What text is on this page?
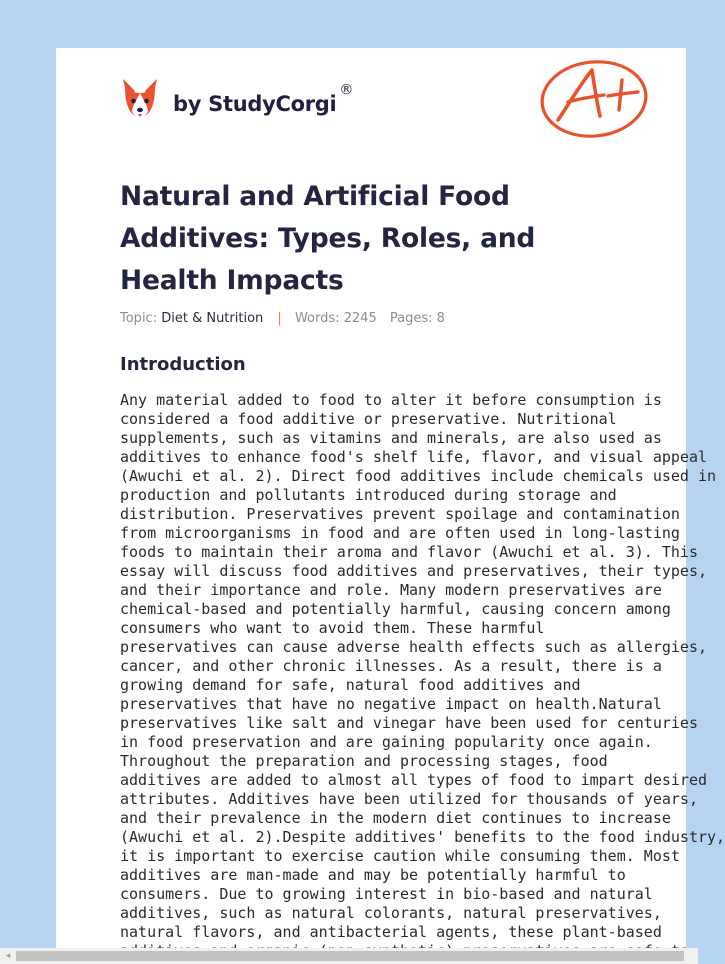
by StudyCorgi
®
Natural and Artificial Food Additives: Types, Roles, and Health Impacts
Topic: Diet & Nutrition | Words: 2245 Pages: 8
Introduction
Any material added to food to alter it before consumption is
considered a food additive or preservative. Nutritional
supplements, such as vitamins and minerals, are also used as
additives to enhance food's shelf life, flavor, and visual appeal
(Awuchi et al. 2). Direct food additives include chemicals used in
production and pollutants introduced during storage and
distribution. Preservatives prevent spoilage and contamination
from microorganisms in food and are often used in long-lasting
foods to maintain their aroma and flavor (Awuchi et al. 3). This
essay will discuss food additives and preservatives, their types,
and their importance and role. Many modern preservatives are
chemical-based and potentially harmful, causing concern among
consumers who want to avoid them. These harmful
preservatives can cause adverse health effects such as allergies,
cancer, and other chronic illnesses. As a result, there is a
growing demand for safe, natural food additives and
preservatives that have no negative impact on health.Natural
preservatives like salt and vinegar have been used for centuries
in food preservation and are gaining popularity once again.
Throughout the preparation and processing stages, food
additives are added to almost all types of food to impart desired
attributes. Additives have been utilized for thousands of years,
and their prevalence in the modern diet continues to increase
(Awuchi et al. 2).Despite additives' benefits to the food industry,
it is important to exercise caution while consuming them. Most
additives are man-made and may be potentially harmful to
consumers. Due to growing interest in bio-based and natural
additives, such as natural colorants, natural preservatives,
natural flavors, and antibacterial agents, these plant-based
◂
